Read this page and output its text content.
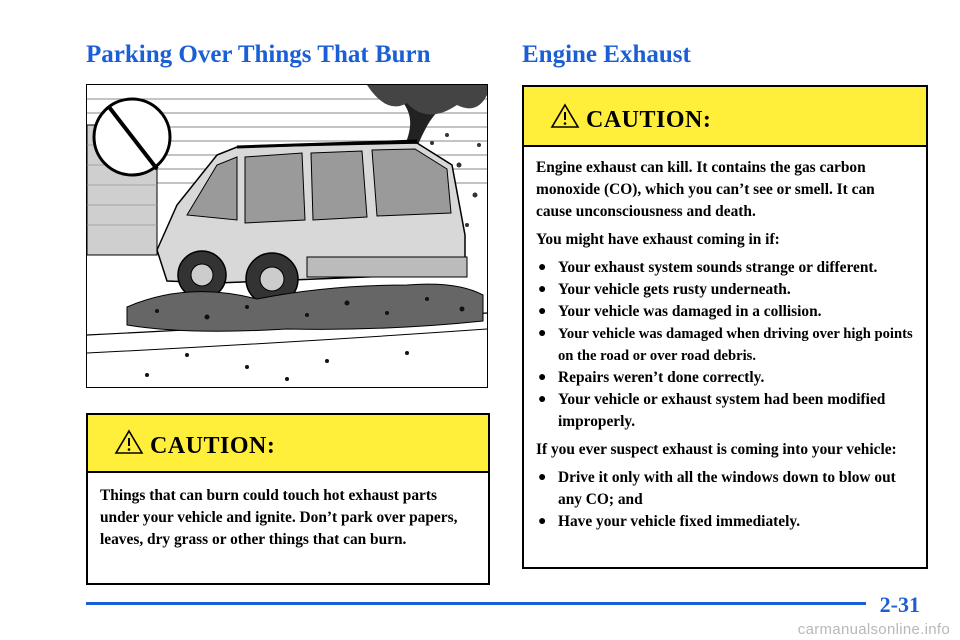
Parking Over Things That Burn	Engine Exhaust
CAUTION:

Things that can burn could touch hot exhaust parts under your vehicle and ignite. Don’t park over papers, leaves, dry grass or other things that can burn.

CAUTION:

Engine exhaust can kill. It contains the gas carbon monoxide (CO), which you can’t see or smell. It can cause unconsciousness and death.

You might have exhaust coming in if:

● Your exhaust system sounds strange or different.
● Your vehicle gets rusty underneath.
● Your vehicle was damaged in a collision.
● Your vehicle was damaged when driving over high points on the road or over road debris.
● Repairs weren’t done correctly.
● Your vehicle or exhaust system had been modified improperly.

If you ever suspect exhaust is coming into your vehicle:

● Drive it only with all the windows down to blow out any CO; and
● Have your vehicle fixed immediately.
2-31
carmanualsonline.info
